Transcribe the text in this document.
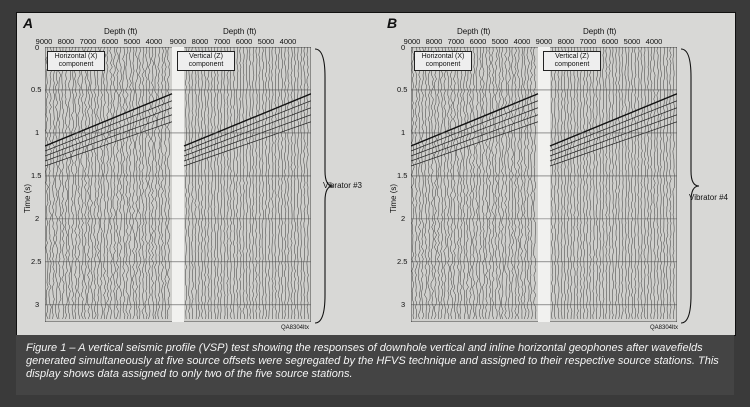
A
Depth (ft)	Depth (ft)
9000 8000 7000 6000 5000 4000 9000 8000 7000 6000 5000 4000
Time (s)
0
0.5
1
1.5
2
2.5
3
Horizontal (X) component
Vertical (Z) component
QA8304ltx
Vibrator #3
B
Depth (ft)	Depth (ft)
9000 8000 7000 6000 5000 4000 9000 8000 7000 6000 5000 4000
Time (s)
0
0.5
1
1.5
2
2.5
3
Horizontal (X) component
Vertical (Z) component
QA8304ltx
Vibrator #4
Figure 1 – A vertical seismic profile (VSP) test showing the responses of downhole vertical and inline horizontal geophones after wavefields generated simultaneously at five source offsets were segregated by the HFVS technique and assigned to their respective source stations. This display shows data assigned to only two of the five source stations.
